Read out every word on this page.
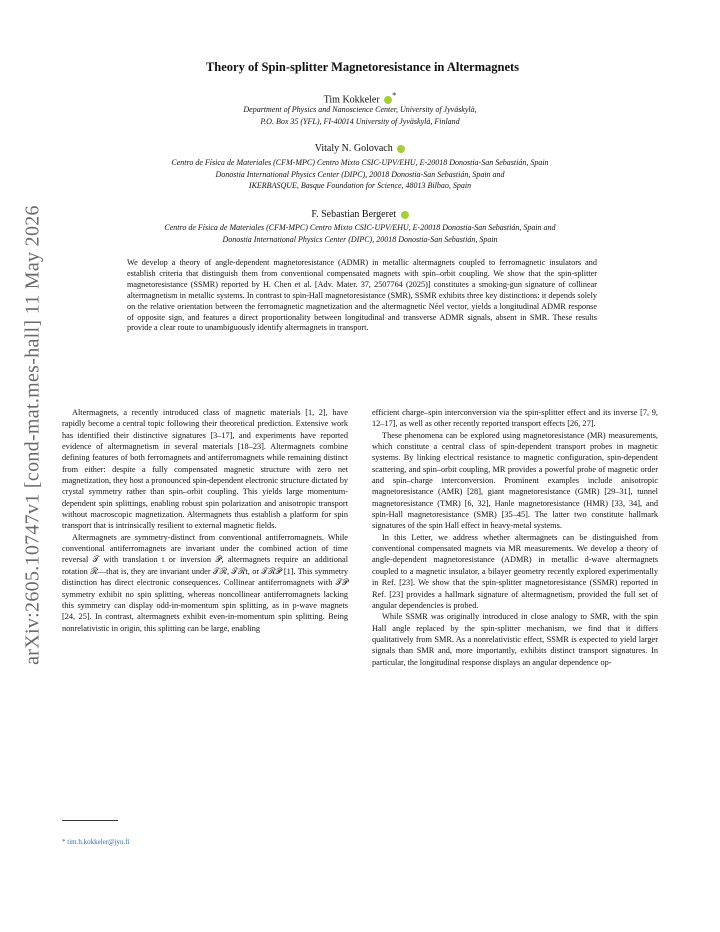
arXiv:2605.10747v1 [cond-mat.mes-hall] 11 May 2026
Theory of Spin-splitter Magnetoresistance in Altermagnets
Tim Kokkeler *
Department of Physics and Nanoscience Center, University of Jyväskylä,
P.O. Box 35 (YFL), FI-40014 University of Jyväskylä, Finland
Vitaly N. Golovach
Centro de Física de Materiales (CFM-MPC) Centro Mixto CSIC-UPV/EHU, E-20018 Donostia-San Sebastián, Spain
Donostia International Physics Center (DIPC), 20018 Donostia-San Sebastián, Spain and
IKERBASQUE, Basque Foundation for Science, 48013 Bilbao, Spain
F. Sebastian Bergeret
Centro de Física de Materiales (CFM-MPC) Centro Mixto CSIC-UPV/EHU, E-20018 Donostia-San Sebastián, Spain and
Donostia International Physics Center (DIPC), 20018 Donostia-San Sebastián, Spain
We develop a theory of angle-dependent magnetoresistance (ADMR) in metallic altermagnets coupled to ferromagnetic insulators and establish criteria that distinguish them from conventional compensated magnets with spin–orbit coupling. We show that the spin-splitter magnetoresistance (SSMR) reported by H. Chen et al. [Adv. Mater. 37, 2507764 (2025)] constitutes a smoking-gun signature of collinear altermagnetism in metallic systems. In contrast to spin-Hall magnetoresistance (SMR), SSMR exhibits three key distinctions: it depends solely on the relative orientation between the ferromagnetic magnetization and the altermagnetic Néel vector, yields a longitudinal ADMR response of opposite sign, and features a direct proportionality between longitudinal and transverse ADMR signals, absent in SMR. These results provide a clear route to unambiguously identify altermagnets in transport.

Altermagnets, a recently introduced class of magnetic materials [1, 2], have rapidly become a central topic following their theoretical prediction. Extensive work has identified their distinctive signatures [3–17], and experiments have reported evidence of altermagnetism in several materials [18–23]. Altermagnets combine defining features of both ferromagnets and antiferromagnets while remaining distinct from either: despite a fully compensated magnetic structure with zero net magnetization, they host a pronounced spin-dependent electronic structure dictated by crystal symmetry rather than spin–orbit coupling. This yields large momentum-dependent spin splittings, enabling robust spin polarization and anisotropic transport without macroscopic magnetization. Altermagnets thus establish a platform for spin transport that is intrinsically resilient to external magnetic fields.

Altermagnets are symmetry-distinct from conventional antiferromagnets. While conventional antiferromagnets are invariant under the combined action of time reversal 𝒯 with translation t or inversion 𝒫, altermagnets require an additional rotation ℛ—that is, they are invariant under 𝒯ℛ, 𝒯ℛt, or 𝒯ℛ𝒫 [1]. This symmetry distinction has direct electronic consequences. Collinear antiferromagnets with 𝒯𝒫 symmetry exhibit no spin splitting, whereas noncollinear antiferromagnets lacking this symmetry can display odd-in-momentum spin splitting, as in p-wave magnets [24, 25]. In contrast, altermagnets exhibit even-in-momentum spin splitting. Being nonrelativistic in origin, this splitting can be large, enabling

efficient charge–spin interconversion via the spin-splitter effect and its inverse [7, 9, 12–17], as well as other recently reported transport effects [26, 27].

These phenomena can be explored using magnetoresistance (MR) measurements, which constitute a central class of spin-dependent transport probes in magnetic systems. By linking electrical resistance to magnetic configuration, spin-dependent scattering, and spin–orbit coupling, MR provides a powerful probe of magnetic order and spin–charge interconversion. Prominent examples include anisotropic magnetoresistance (AMR) [28], giant magnetoresistance (GMR) [29–31], tunnel magnetoresistance (TMR) [6, 32], Hanle magnetoresistance (HMR) [33, 34], and spin-Hall magnetoresistance (SMR) [35–45]. The latter two constitute hallmark signatures of the spin Hall effect in heavy-metal systems.

In this Letter, we address whether altermagnets can be distinguished from conventional compensated magnets via MR measurements. We develop a theory of angle-dependent magnetoresistance (ADMR) in metallic d-wave altermagnets coupled to a magnetic insulator, a bilayer geometry recently explored experimentally in Ref. [23]. We show that the spin-splitter magnetoresistance (SSMR) reported in Ref. [23] provides a hallmark signature of altermagnetism, provided the full set of angular dependencies is probed.

While SSMR was originally introduced in close analogy to SMR, with the spin Hall angle replaced by the spin-splitter mechanism, we find that it differs qualitatively from SMR. As a nonrelativistic effect, SSMR is expected to yield larger signals than SMR and, more importantly, exhibits distinct transport signatures. In particular, the longitudinal response displays an angular dependence op-

* tim.h.kokkeler@jyu.fi
